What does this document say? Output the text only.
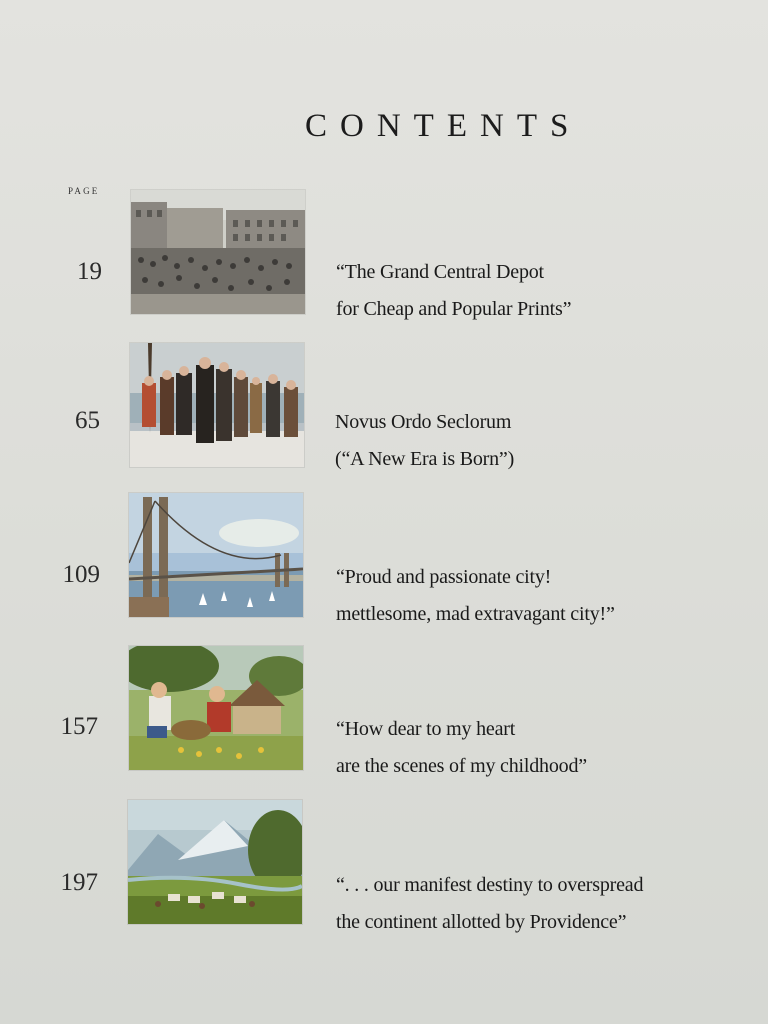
CONTENTS
PAGE
19	“The Grand Central Depot
for Cheap and Popular Prints”
65	Novus Ordo Seclorum
(“A New Era is Born”)
109	“Proud and passionate city!
mettlesome, mad extravagant city!”
157	“How dear to my heart
are the scenes of my childhood”
197	“. . . our manifest destiny to overspread
the continent allotted by Providence”
